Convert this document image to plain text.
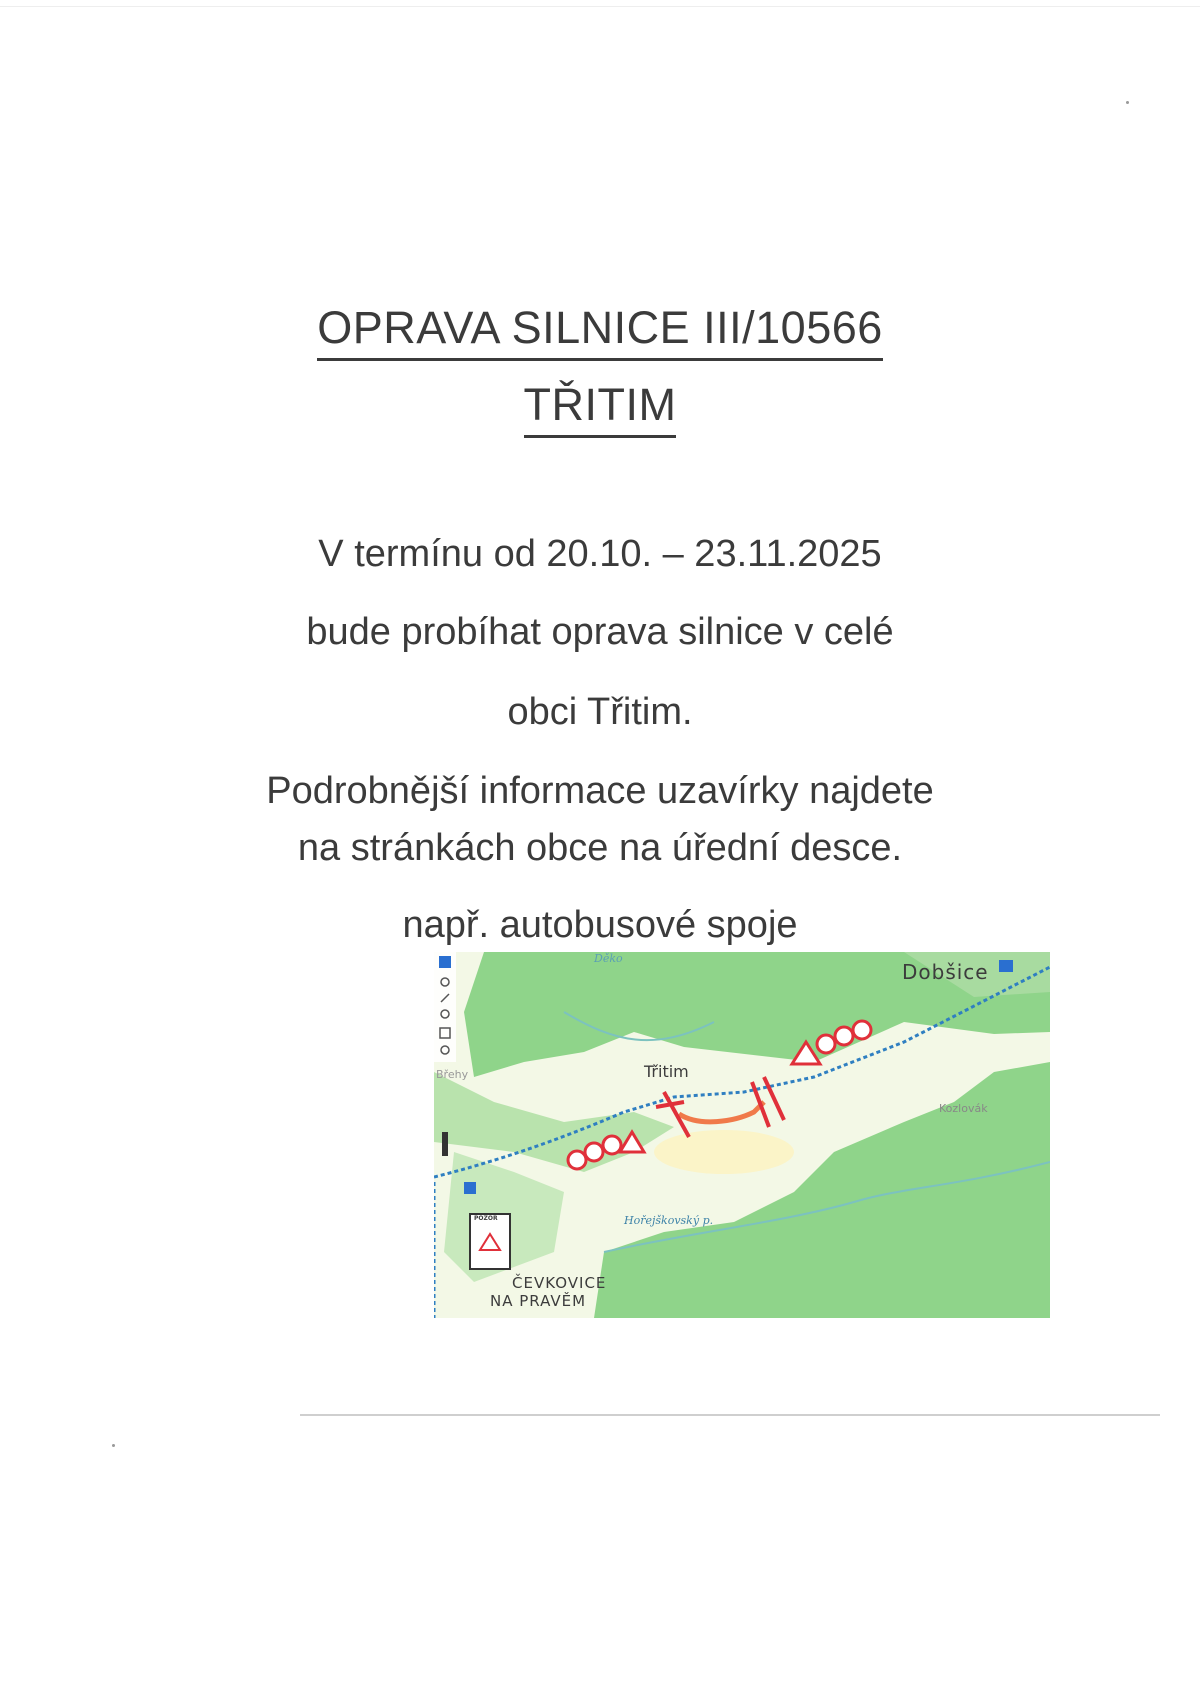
OPRAVA SILNICE III/10566
TŘITIM
V termínu od 20.10. – 23.11.2025
bude probíhat oprava silnice v celé
obci Třitim.
Podrobnější informace uzavírky najdete
na stránkách obce na úřední desce.
např. autobusové spoje
Dobšice
Třitim
Kozlovák
Břehy
Hořejškovský p.
Děko
POZOR
ČEVKOVICE
NA PRAVĚM
